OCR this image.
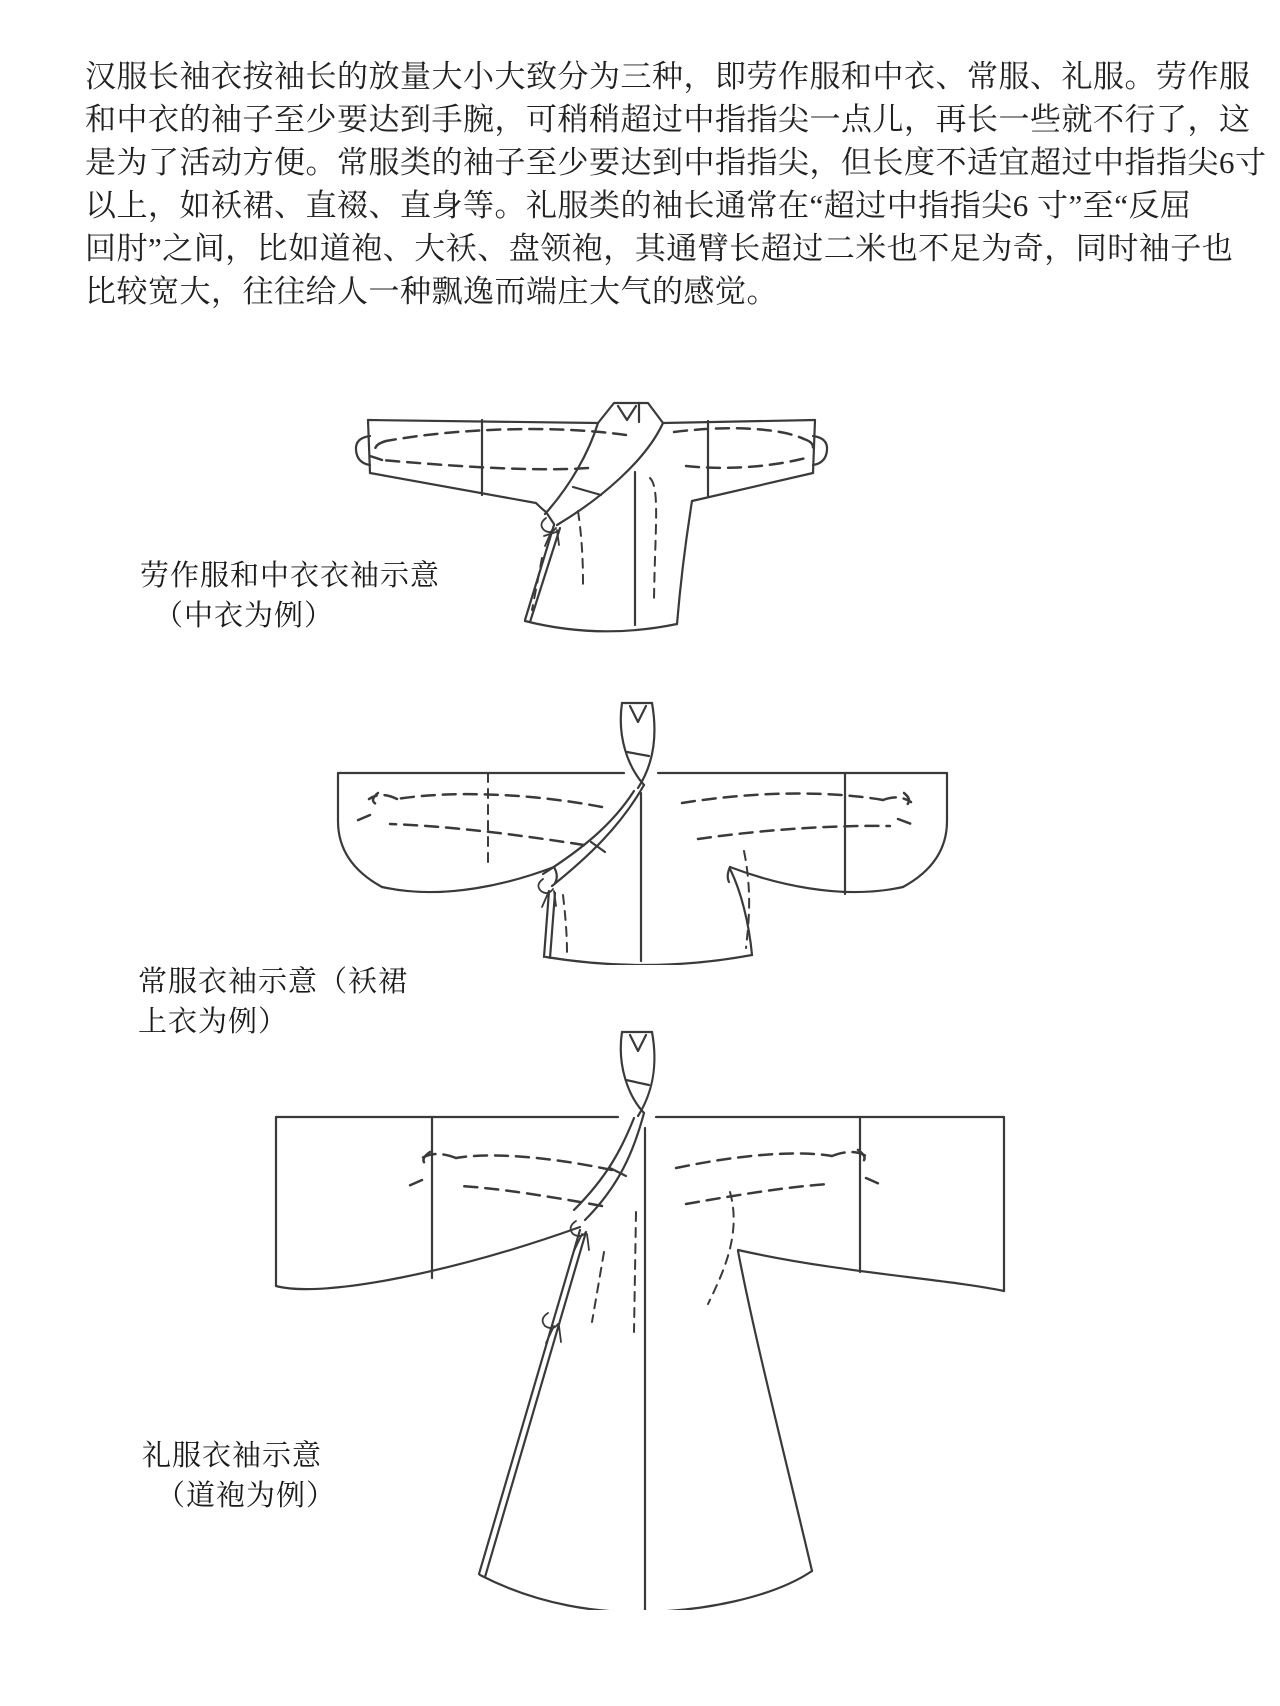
汉服长袖衣按袖长的放量大小大致分为三种，即劳作服和中衣、常服、礼服。劳作服
和中衣的袖子至少要达到手腕，可稍稍超过中指指尖一点儿，再长一些就不行了，这
是为了活动方便。常服类的袖子至少要达到中指指尖，但长度不适宜超过中指指尖6寸
以上，如袄裙、直裰、直身等。礼服类的袖长通常在“超过中指指尖6 寸”至“反屈
回肘”之间，比如道袍、大袄、盘领袍，其通臂长超过二米也不足为奇，同时袖子也
比较宽大，往往给人一种飘逸而端庄大气的感觉。
劳作服和中衣衣袖示意
（中衣为例）
常服衣袖示意（袄裙
上衣为例）
礼服衣袖示意
（道袍为例）
